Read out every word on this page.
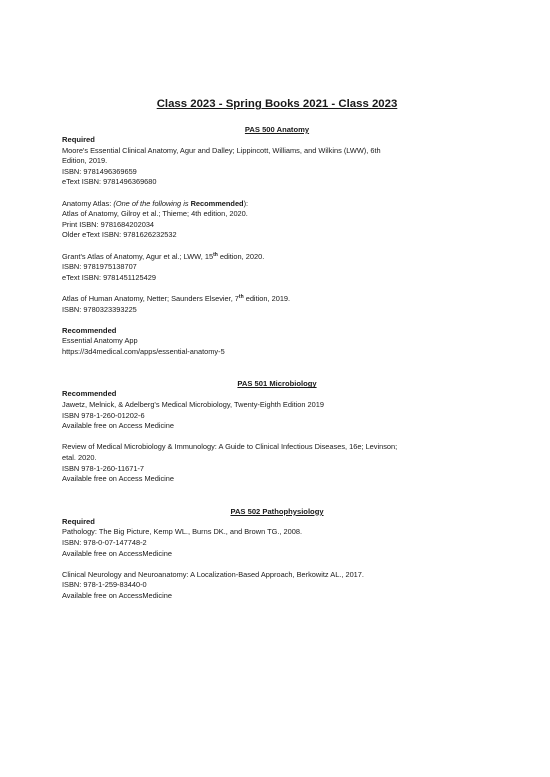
Class 2023 - Spring Books 2021 - Class 2023

PAS 500 Anatomy

Required

Moore's Essential Clinical Anatomy, Agur and Dalley; Lippincott, Williams, and Wilkins (LWW), 6th

Edition, 2019.

ISBN: 9781496369659

eText ISBN: 9781496369680

Anatomy Atlas: (One of the following is Recommended):

Atlas of Anatomy, Gilroy et al.; Thieme; 4th edition, 2020.

Print ISBN: 9781684202034

Older eText ISBN: 9781626232532

Grant's Atlas of Anatomy, Agur et al.; LWW, 15th edition, 2020.

ISBN: 9781975138707

eText ISBN: 9781451125429

Atlas of Human Anatomy, Netter; Saunders Elsevier, 7th edition, 2019.

ISBN: 9780323393225

Recommended

Essential Anatomy App

https://3d4medical.com/apps/essential-anatomy-5

PAS 501 Microbiology

Recommended

Jawetz, Melnick, & Adelberg's Medical Microbiology, Twenty-Eighth Edition 2019

ISBN 978-1-260-01202-6

Available free on Access Medicine

Review of Medical Microbiology & Immunology: A Guide to Clinical Infectious Diseases, 16e; Levinson;

etal. 2020.

ISBN 978-1-260-11671-7

Available free on Access Medicine

PAS 502 Pathophysiology

Required

Pathology: The Big Picture, Kemp WL., Burns DK., and Brown TG., 2008.

ISBN: 978-0-07-147748-2

Available free on AccessMedicine

Clinical Neurology and Neuroanatomy: A Localization-Based Approach, Berkowitz AL., 2017.

ISBN: 978-1-259-83440-0

Available free on AccessMedicine
